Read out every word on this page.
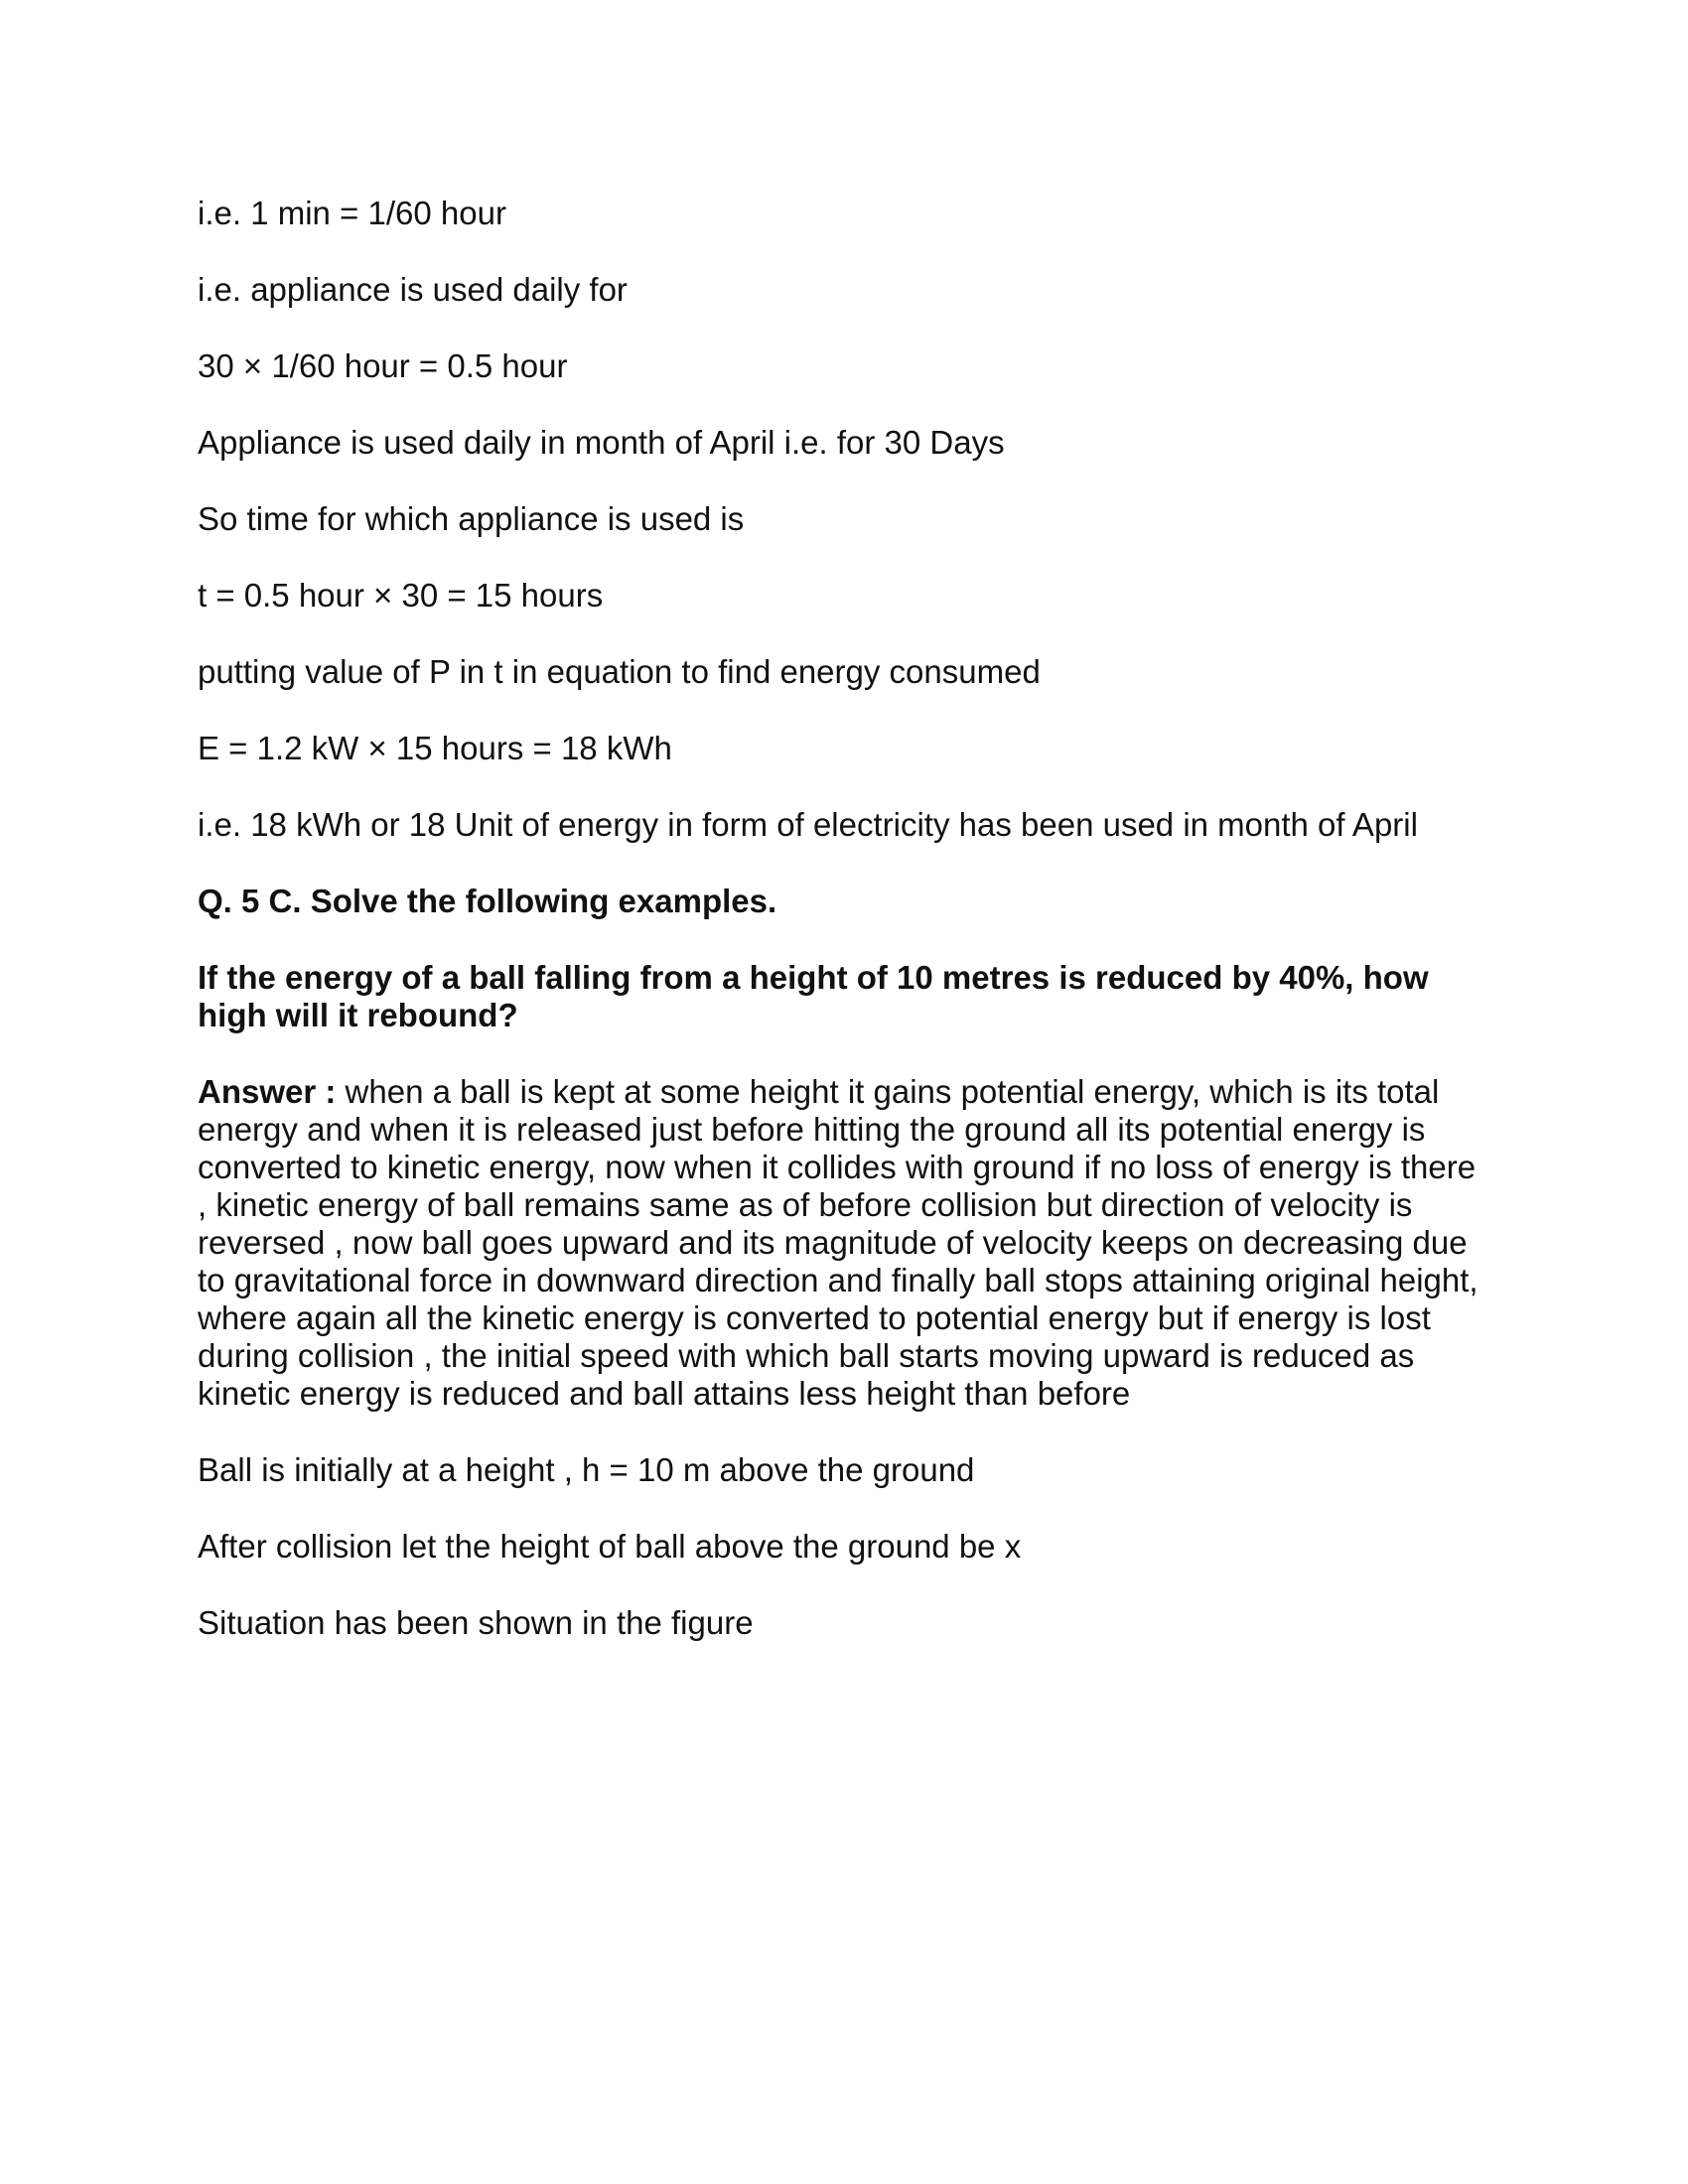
i.e. 1 min = 1/60 hour

i.e. appliance is used daily for

30 × 1/60 hour = 0.5 hour

Appliance is used daily in month of April i.e. for 30 Days

So time for which appliance is used is

t = 0.5 hour × 30 = 15 hours

putting value of P in t in equation to find energy consumed

E = 1.2 kW × 15 hours = 18 kWh

i.e. 18 kWh or 18 Unit of energy in form of electricity has been used in month of April

Q. 5 C. Solve the following examples.

If the energy of a ball falling from a height of 10 metres is reduced by 40%, how high will it rebound?

Answer : when a ball is kept at some height it gains potential energy, which is its total energy and when it is released just before hitting the ground all its potential energy is converted to kinetic energy, now when it collides with ground if no loss of energy is there , kinetic energy of ball remains same as of before collision but direction of velocity is reversed , now ball goes upward and its magnitude of velocity keeps on decreasing due to gravitational force in downward direction and finally ball stops attaining original height, where again all the kinetic energy is converted to potential energy but if energy is lost during collision , the initial speed with which ball starts moving upward is reduced as kinetic energy is reduced and ball attains less height than before

Ball is initially at a height , h = 10 m above the ground

After collision let the height of ball above the ground be x

Situation has been shown in the figure
